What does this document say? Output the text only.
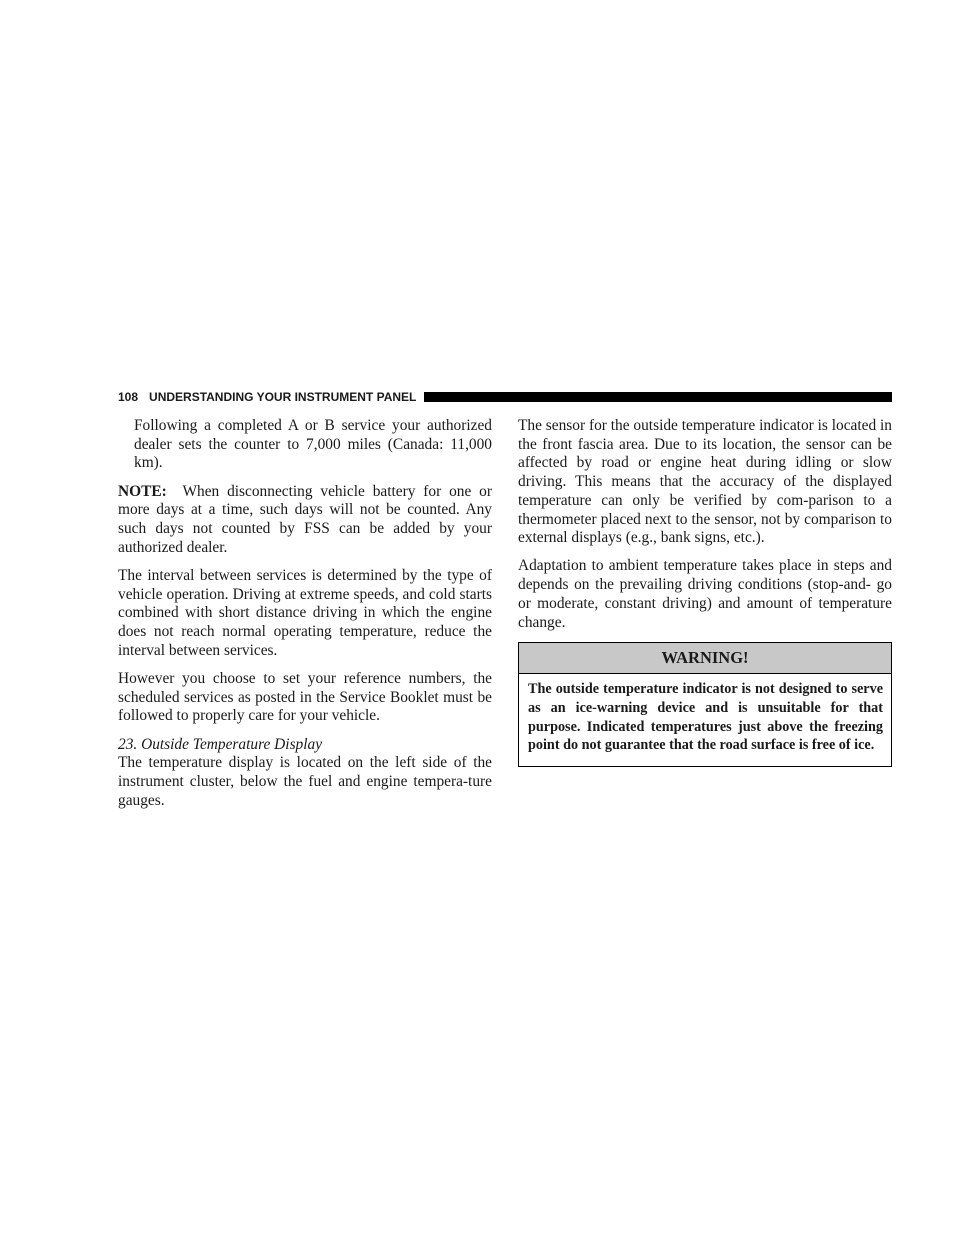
108 UNDERSTANDING YOUR INSTRUMENT PANEL

Following a completed A or B service your authorized dealer sets the counter to 7,000 miles (Canada: 11,000 km).

NOTE: When disconnecting vehicle battery for one or more days at a time, such days will not be counted. Any such days not counted by FSS can be added by your authorized dealer.

The interval between services is determined by the type of vehicle operation. Driving at extreme speeds, and cold starts combined with short distance driving in which the engine does not reach normal operating temperature, reduce the interval between services.

However you choose to set your reference numbers, the scheduled services as posted in the Service Booklet must be followed to properly care for your vehicle.

23. Outside Temperature Display

The temperature display is located on the left side of the instrument cluster, below the fuel and engine tempera-ture gauges.

The sensor for the outside temperature indicator is located in the front fascia area. Due to its location, the sensor can be affected by road or engine heat during idling or slow driving. This means that the accuracy of the displayed temperature can only be verified by com-parison to a thermometer placed next to the sensor, not by comparison to external displays (e.g., bank signs, etc.).

Adaptation to ambient temperature takes place in steps and depends on the prevailing driving conditions (stop-and- go or moderate, constant driving) and amount of temperature change.

WARNING!
The outside temperature indicator is not designed to serve as an ice-warning device and is unsuitable for that purpose. Indicated temperatures just above the freezing point do not guarantee that the road surface is free of ice.
